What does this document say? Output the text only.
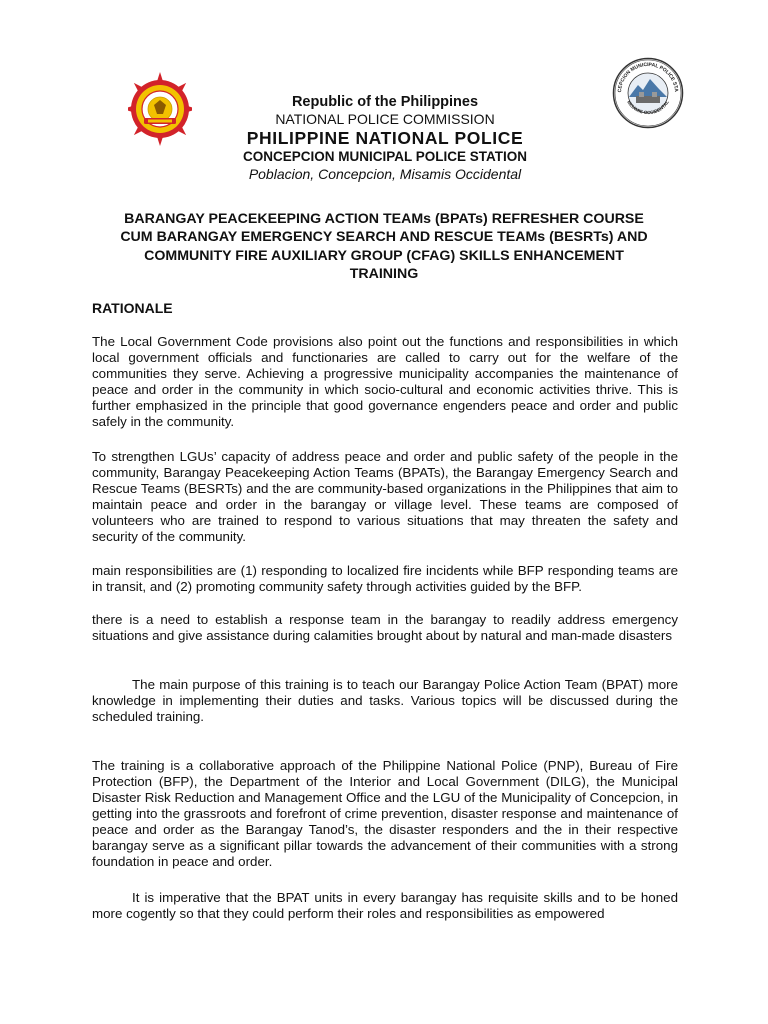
CEPCION MUNICIPAL POLICE STA
MISAMIS OCCIDENTAL
Republic of the Philippines
NATIONAL POLICE COMMISSION
PHILIPPINE NATIONAL POLICE
CONCEPCION MUNICIPAL POLICE STATION
Poblacion, Concepcion, Misamis Occidental
BARANGAY PEACEKEEPING ACTION TEAMs (BPATs) REFRESHER COURSE
CUM BARANGAY EMERGENCY SEARCH AND RESCUE TEAMs (BESRTs) AND
COMMUNITY FIRE AUXILIARY GROUP (CFAG) SKILLS ENHANCEMENT
TRAINING
RATIONALE

The Local Government Code provisions also point out the functions and responsibilities in which local government officials and functionaries are called to carry out for the welfare of the communities they serve. Achieving a progressive municipality accompanies the maintenance of peace and order in the community in which socio-cultural and economic activities thrive. This is further emphasized in the principle that good governance engenders peace and order and public safely in the community.

To strengthen LGUs’ capacity of address peace and order and public safety of the people in the community, Barangay Peacekeeping Action Teams (BPATs), the Barangay Emergency Search and Rescue Teams (BESRTs) and the are community-based organizations in the Philippines that aim to maintain peace and order in the barangay or village level. These teams are composed of volunteers who are trained to respond to various situations that may threaten the safety and security of the community.

main responsibilities are (1) responding to localized fire incidents while BFP responding teams are in transit, and (2) promoting community safety through activities guided by the BFP.

there is a need to establish a response team in the barangay to readily address emergency situations and give assistance during calamities brought about by natural and man-made disasters

The main purpose of this training is to teach our Barangay Police Action Team (BPAT) more knowledge in implementing their duties and tasks. Various topics will be discussed during the scheduled training.

The training is a collaborative approach of the Philippine National Police (PNP), Bureau of Fire Protection (BFP), the Department of the Interior and Local Government (DILG), the Municipal Disaster Risk Reduction and Management Office and the LGU of the Municipality of Concepcion, in getting into the grassroots and forefront of crime prevention, disaster response and maintenance of peace and order as the Barangay Tanod’s, the disaster responders and the in their respective barangay serve as a significant pillar towards the advancement of their communities with a strong foundation in peace and order.

It is imperative that the BPAT units in every barangay has requisite skills and to be honed more cogently so that they could perform their roles and responsibilities as empowered
